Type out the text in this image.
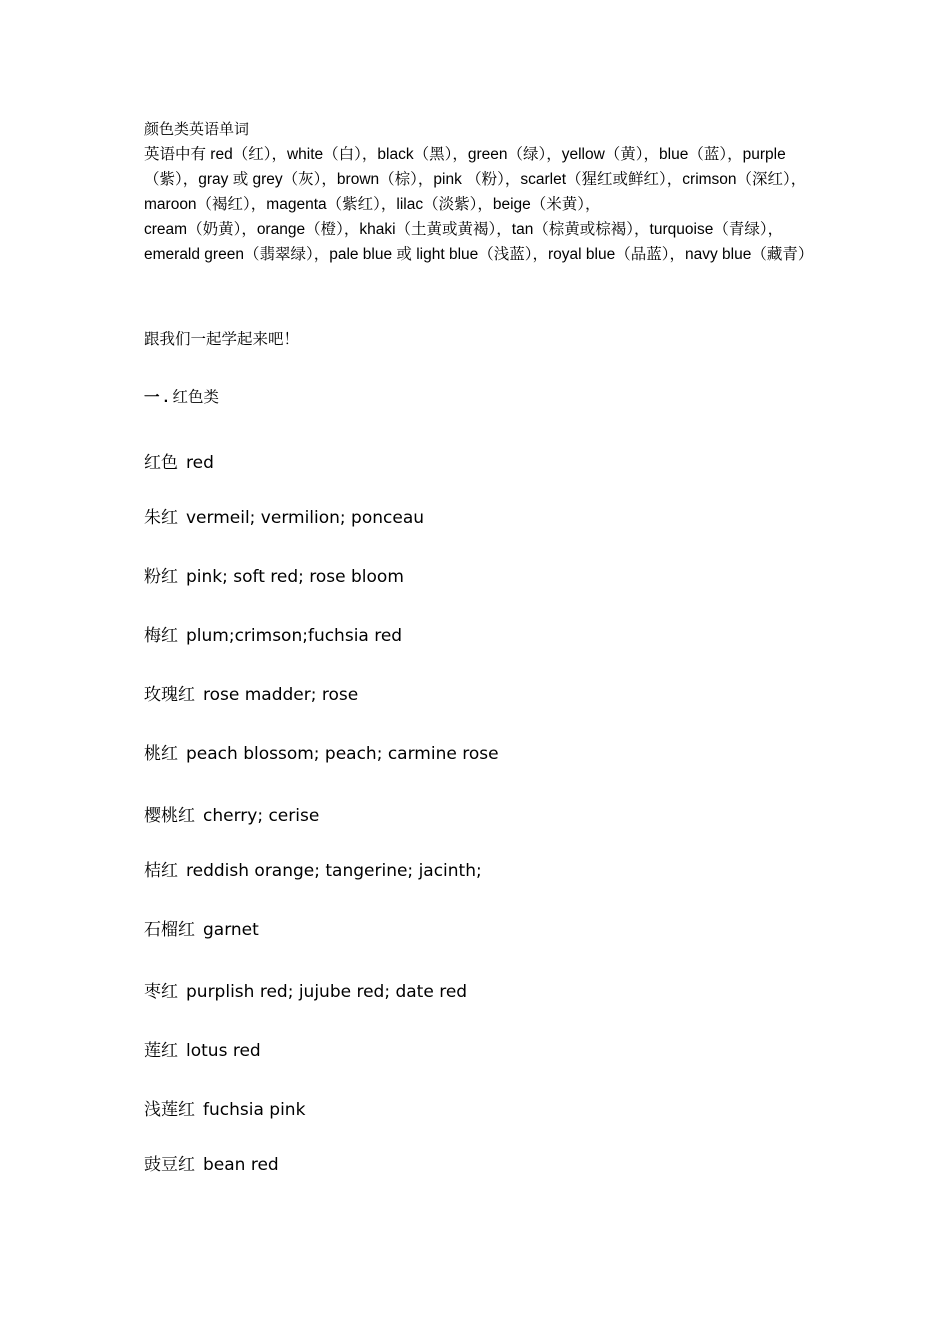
颜色类英语单词

英语中有 red（红），white（白），black（黑），green（绿），yellow（黄），blue（蓝），purple（紫），gray 或 grey（灰），brown（棕），pink （粉），scarlet（猩红或鲜红），crimson（深红），

maroon（褐红），magenta（紫红），lilac（淡紫），beige（米黄），

cream（奶黄），orange（橙），khaki（土黄或黄褐），tan（棕黄或棕褐），turquoise（青绿），emerald green（翡翠绿），pale blue 或 light blue（浅蓝），royal blue（品蓝），navy blue（藏青）

跟我们一起学起来吧！
一 . 红色类
红色 red
朱红 vermeil; vermilion; ponceau
粉红 pink; soft red; rose bloom
梅红 plum;crimson;fuchsia red
玫瑰红 rose madder; rose
桃红 peach blossom; peach; carmine rose
樱桃红 cherry; cerise
桔红 reddish orange; tangerine; jacinth;
石榴红 garnet
枣红 purplish red; jujube red; date red
莲红 lotus red
浅莲红 fuchsia pink
豉豆红 bean red
